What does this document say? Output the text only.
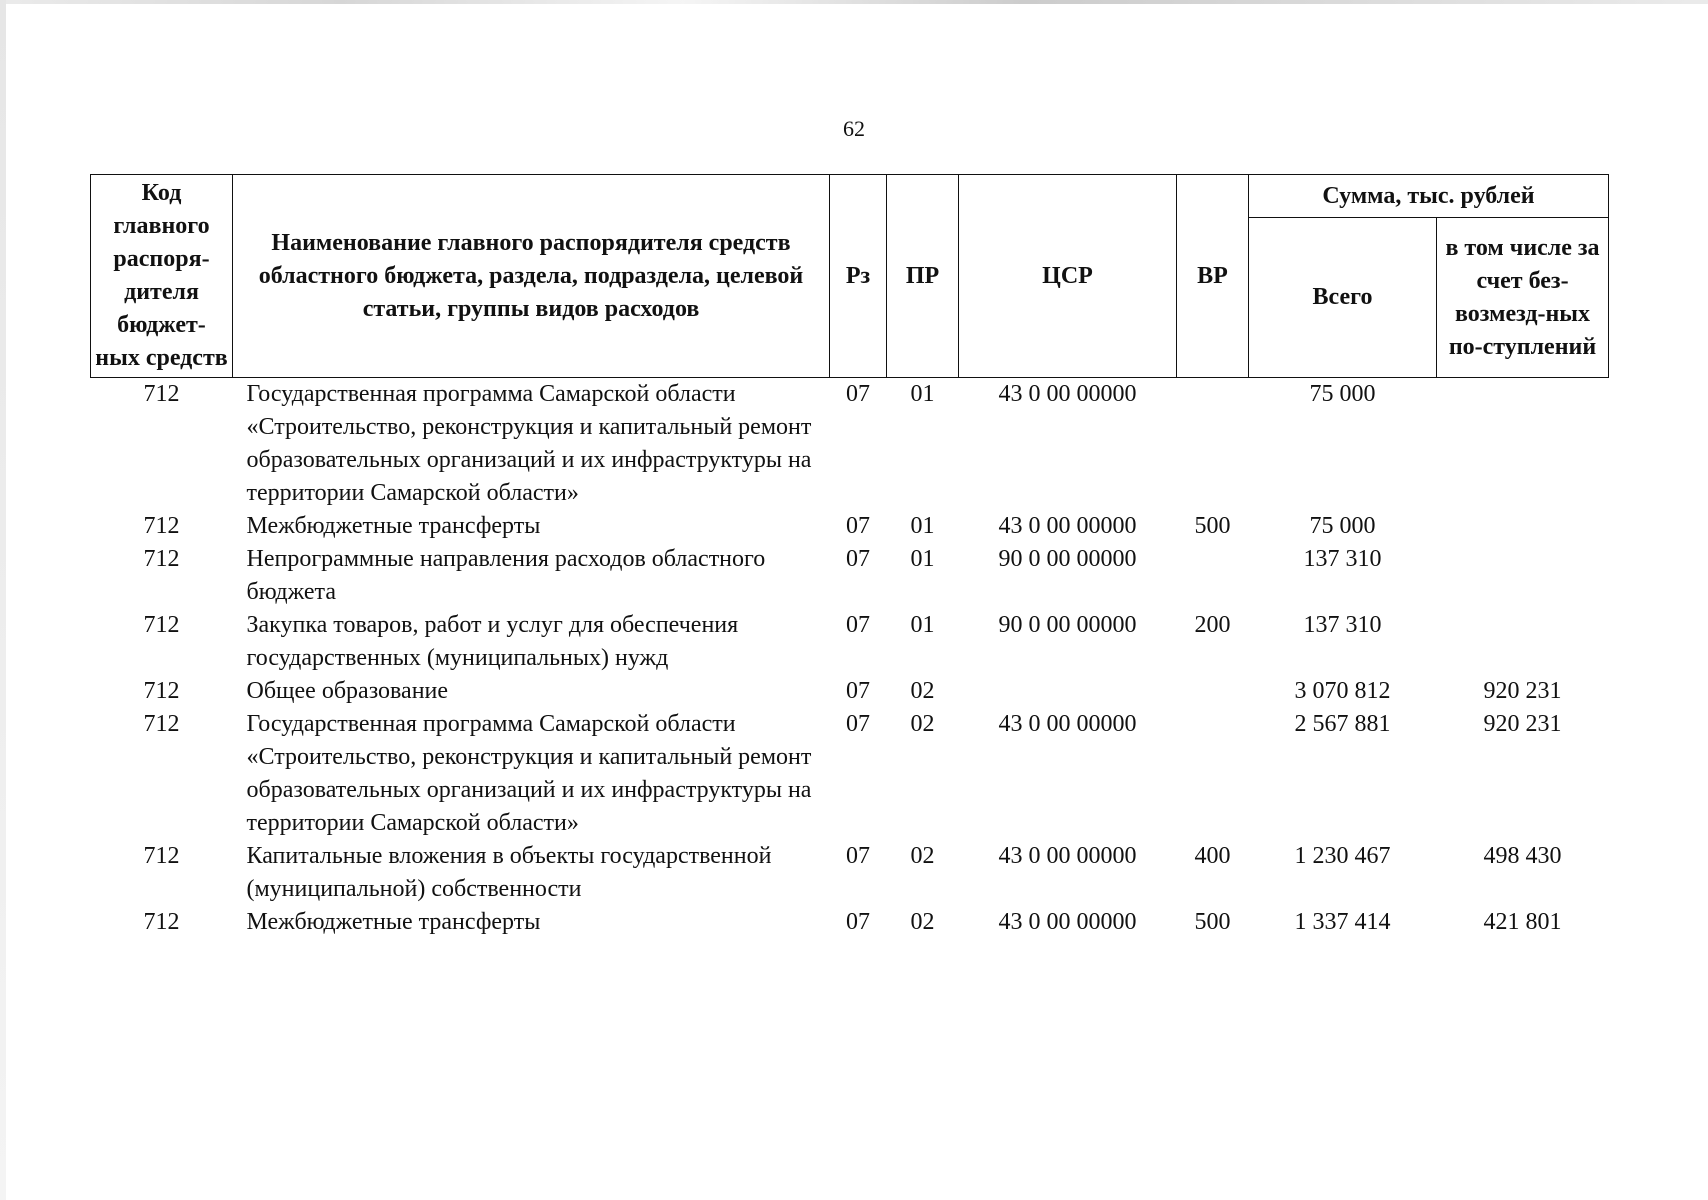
62
Код главного распоря-дителя бюджет-ных средств	Наименование главного распорядителя средств областного бюджета, раздела, подраздела, целевой статьи, группы видов расходов	Рз	ПР	ЦСР	ВР	Сумма, тыс. рублей	
						Всего	в том числе за счет без-возмезд-ных по-ступлений
712	Государственная программа Самарской области «Строительство, реконструкция и капитальный ремонт образовательных организаций и их инфраструктуры на территории Самарской области»	07	01	43 0 00 00000		75 000	
712	Межбюджетные трансферты	07	01	43 0 00 00000	500	75 000	
712	Непрограммные направления расходов областного бюджета	07	01	90 0 00 00000		137 310	
712	Закупка товаров, работ и услуг для обеспечения государственных (муниципальных) нужд	07	01	90 0 00 00000	200	137 310	
712	Общее образование	07	02			3 070 812	920 231
712	Государственная программа Самарской области «Строительство, реконструкция и капитальный ремонт образовательных организаций и их инфраструктуры на территории Самарской области»	07	02	43 0 00 00000		2 567 881	920 231
712	Капитальные вложения в объекты государственной (муниципальной) собственности	07	02	43 0 00 00000	400	1 230 467	498 430
712	Межбюджетные трансферты	07	02	43 0 00 00000	500	1 337 414	421 801
